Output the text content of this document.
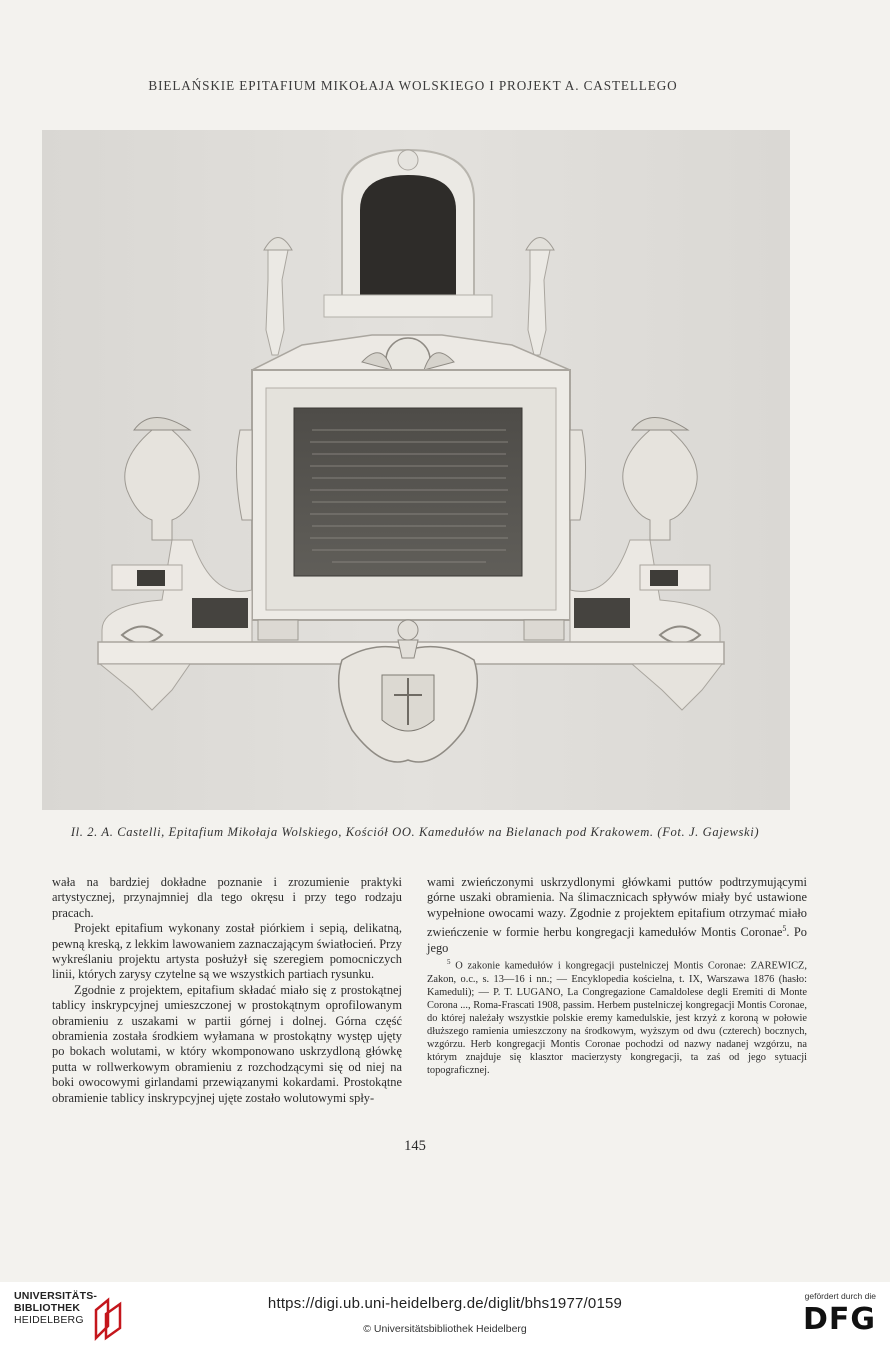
BIELAŃSKIE EPITAFIUM MIKOŁAJA WOLSKIEGO I PROJEKT A. CASTELLEGO
Il. 2. A. Castelli, Epitafium Mikołaja Wolskiego, Kościół OO. Kamedułów na Bielanach pod Krakowem. (Fot. J. Gajewski)

wała na bardziej dokładne poznanie i zrozumienie praktyki artystycznej, przynajmniej dla tego okręsu i przy tego rodzaju pracach.

Projekt epitafium wykonany został piórkiem i sepią, delikatną, pewną kreską, z lekkim lawowaniem zaznaczającym światłocień. Przy wykreślaniu projektu artysta posłużył się szeregiem pomocniczych linii, których zarysy czytelne są we wszystkich partiach rysunku.

Zgodnie z projektem, epitafium składać miało się z prostokątnej tablicy inskrypcyjnej umieszczonej w prostokątnym oprofilowanym obramieniu z uszakami w partii górnej i dolnej. Górna część obramienia została środkiem wyłamana w prostokątny występ ujęty po bokach wolutami, w który wkomponowano uskrzydloną główkę putta w rollwerkowym obramieniu z rozchodzącymi się od niej na boki owocowymi girlandami przewiązanymi kokardami. Prostokątne obramienie tablicy inskrypcyjnej ujęte zostało wolutowymi spły-

wami zwieńczonymi uskrzydlonymi główkami puttów podtrzymującymi górne uszaki obramienia. Na ślimacznicach spływów miały być ustawione wypełnione owocami wazy. Zgodnie z projektem epitafium otrzymać miało zwieńczenie w formie herbu kongregacji kamedułów Montis Coronae$^5$. Po jego

$^5$ O zakonie kamedułów i kongregacji pustelniczej Montis Coronae: ZAREWICZ, Zakon, o.c., s. 13—16 i nn.; — Encyklopedia kościelna, t. IX, Warszawa 1876 (hasło: Kameduli); — P. T. LUGANO, La Congregazione Camaldolese degli Eremiti di Monte Corona ..., Roma-Frascati 1908, passim. Herbem pustelniczej kongregacji Montis Coronae, do której należały wszystkie polskie eremy kamedulskie, jest krzyż z koroną w połowie dłuższego ramienia umieszczony na środkowym, wyższym od dwu (czterech) bocznych, wzgórzu. Herb kongregacji Montis Coronae pochodzi od nazwy nadanej wzgórzu, na którym znajduje się klasztor macierzysty kongregacji, ta zaś od jego sytuacji topograficznej.

145
UNIVERSITÄTS-
BIBLIOTHEK
HEIDELBERG
https://digi.ub.uni-heidelberg.de/diglit/bhs1977/0159
© Universitätsbibliothek Heidelberg
gefördert durch die
DFG
